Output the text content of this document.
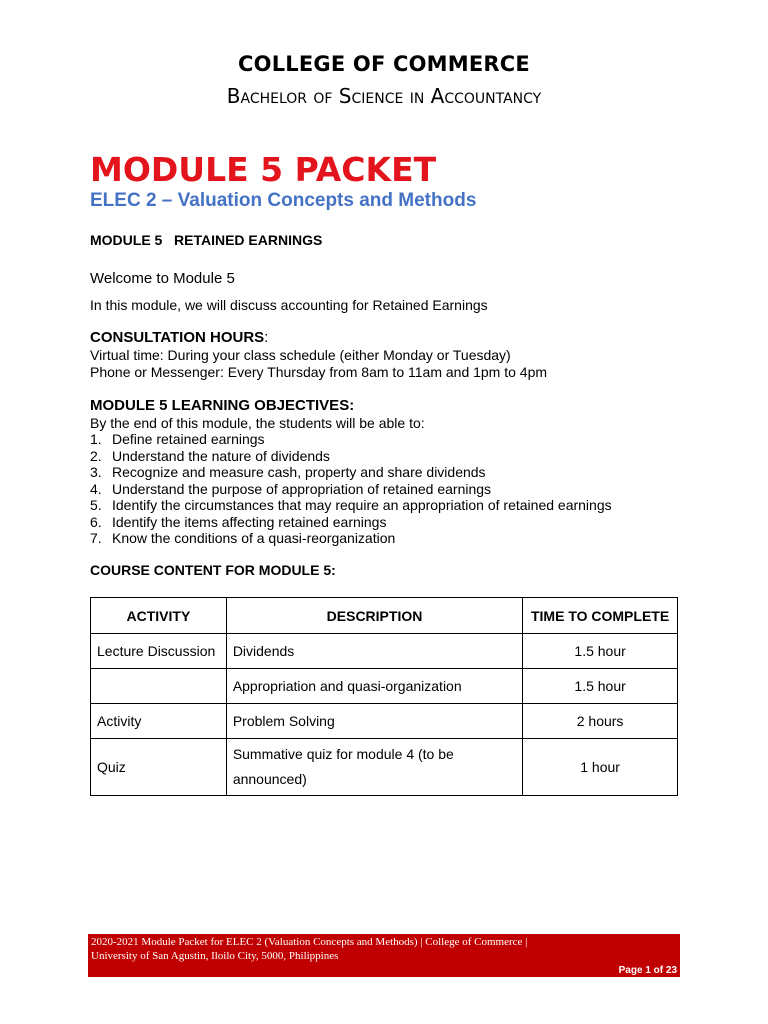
COLLEGE OF COMMERCE
Bachelor of Science in Accountancy
MODULE 5 PACKET
ELEC 2 – Valuation Concepts and Methods
MODULE 5   RETAINED EARNINGS
Welcome to Module 5
In this module, we will discuss accounting for Retained Earnings
CONSULTATION HOURS:
Virtual time: During your class schedule (either Monday or Tuesday)
Phone or Messenger: Every Thursday from 8am to 11am and 1pm to 4pm
MODULE 5 LEARNING OBJECTIVES:
By the end of this module, the students will be able to:
1. Define retained earnings
2. Understand the nature of dividends
3. Recognize and measure cash, property and share dividends
4. Understand the purpose of appropriation of retained earnings
5. Identify the circumstances that may require an appropriation of retained earnings
6. Identify the items affecting retained earnings
7. Know the conditions of a quasi-reorganization
COURSE CONTENT FOR MODULE 5:
ACTIVITY	DESCRIPTION	TIME TO COMPLETE
Lecture Discussion	Dividends	1.5 hour
	Appropriation and quasi-organization	1.5 hour
Activity	Problem Solving	2 hours
Quiz	Summative quiz for module 4 (to be announced)	1 hour
2020-2021 Module Packet for ELEC 2 (Valuation Concepts and Methods) | College of Commerce |
University of San Agustin, Iloilo City, 5000, Philippines
Page 1 of 23
